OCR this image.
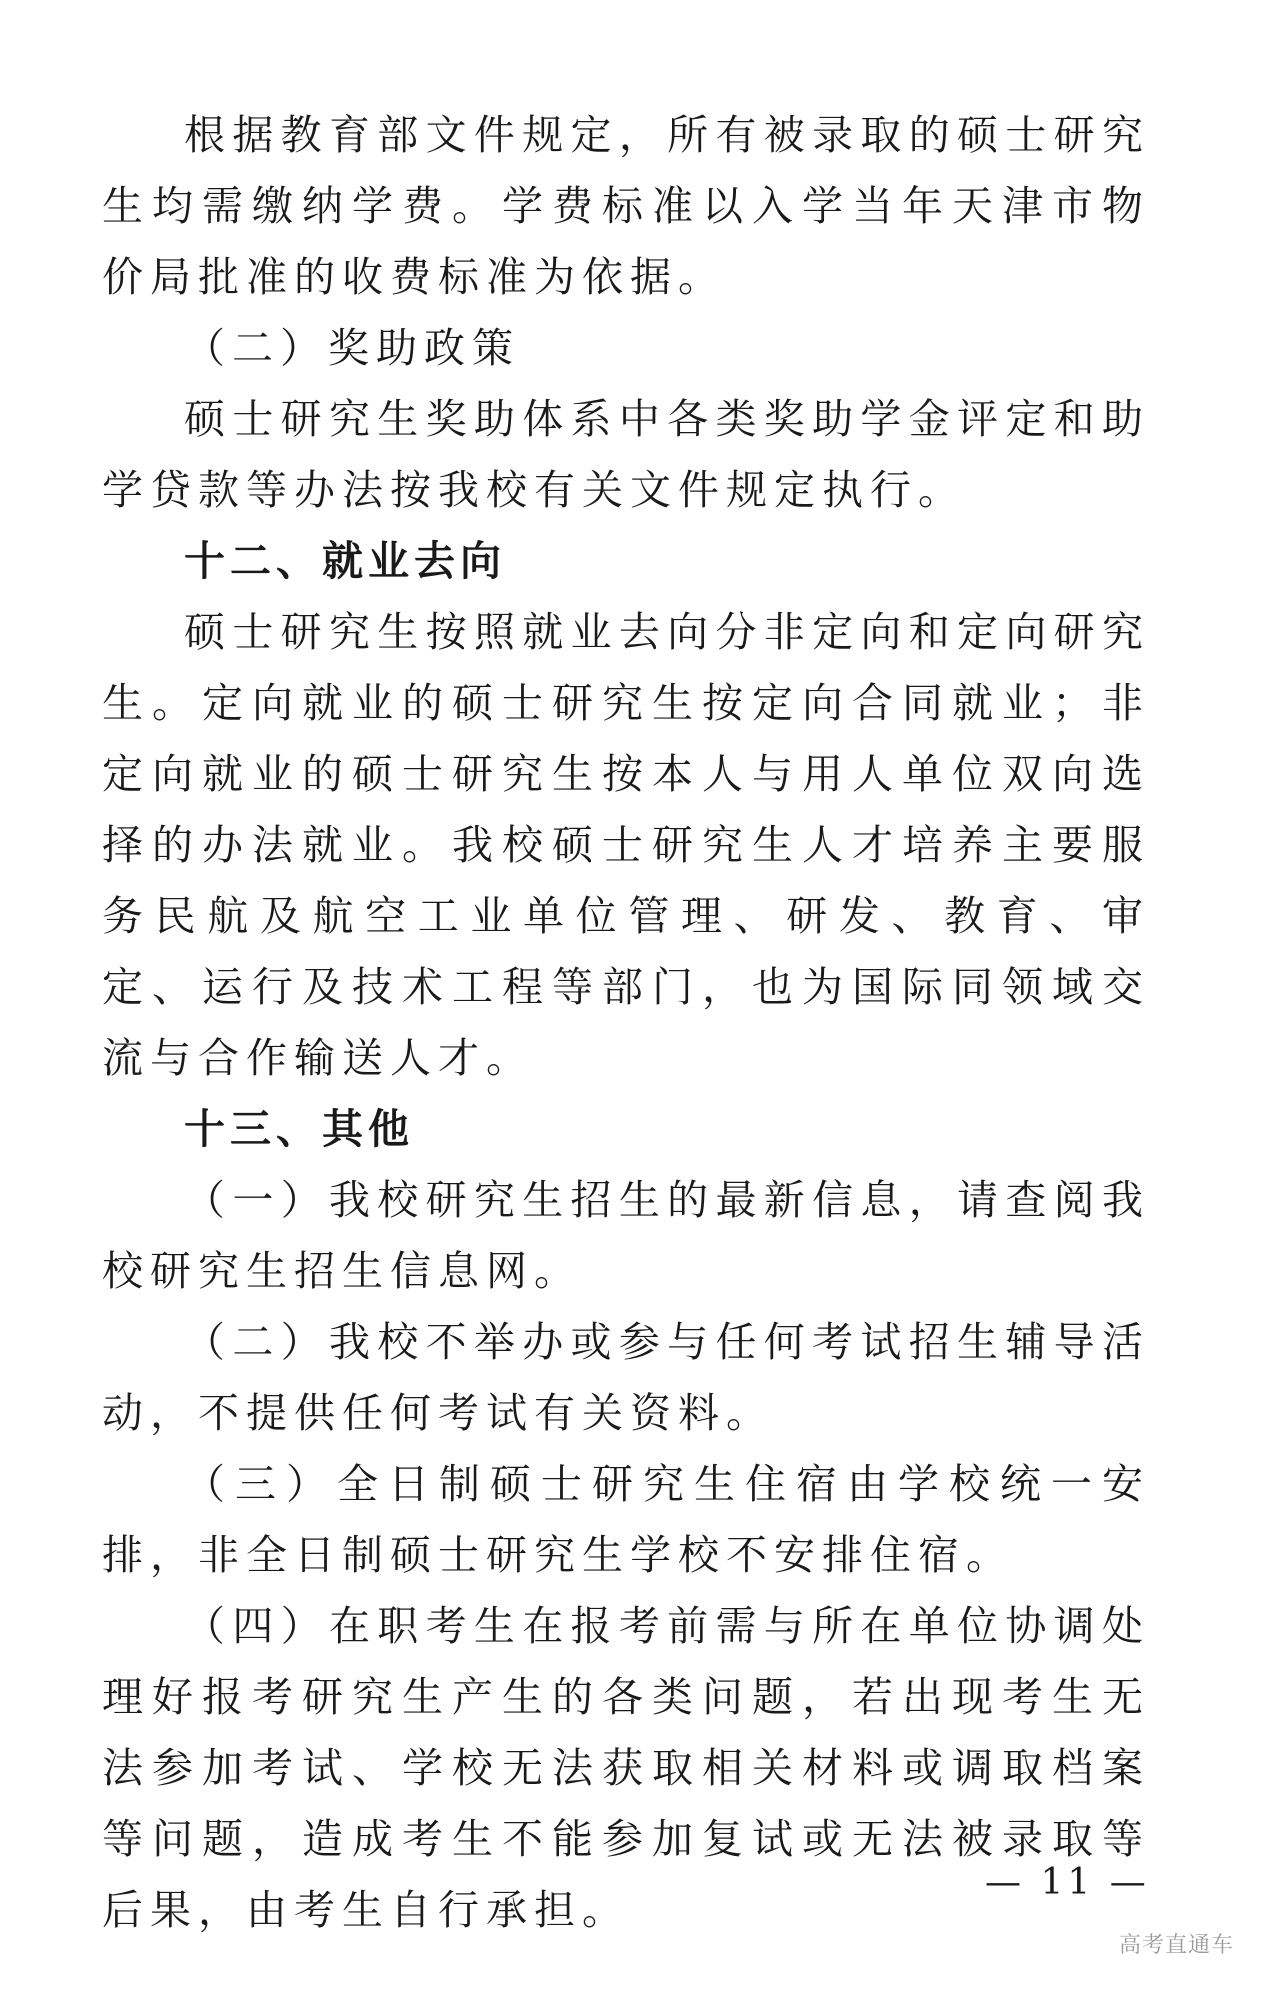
根据教育部文件规定，所有被录取的硕士研究生均需缴纳学费。学费标准以入学当年天津市物价局批准的收费标准为依据。

（二）奖助政策

硕士研究生奖助体系中各类奖助学金评定和助学贷款等办法按我校有关文件规定执行。

十二、就业去向

硕士研究生按照就业去向分非定向和定向研究生。定向就业的硕士研究生按定向合同就业；非定向就业的硕士研究生按本人与用人单位双向选择的办法就业。我校硕士研究生人才培养主要服务民航及航空工业单位管理、研发、教育、审定、运行及技术工程等部门，也为国际同领域交流与合作输送人才。

十三、其他

（一）我校研究生招生的最新信息，请查阅我校研究生招生信息网。

（二）我校不举办或参与任何考试招生辅导活动，不提供任何考试有关资料。

（三）全日制硕士研究生住宿由学校统一安排，非全日制硕士研究生学校不安排住宿。

（四）在职考生在报考前需与所在单位协调处理好报考研究生产生的各类问题，若出现考生无法参加考试、学校无法获取相关材料或调取档案等问题，造成考生不能参加复试或无法被录取等后果，由考生自行承担。

— 11 —
高考直通车
